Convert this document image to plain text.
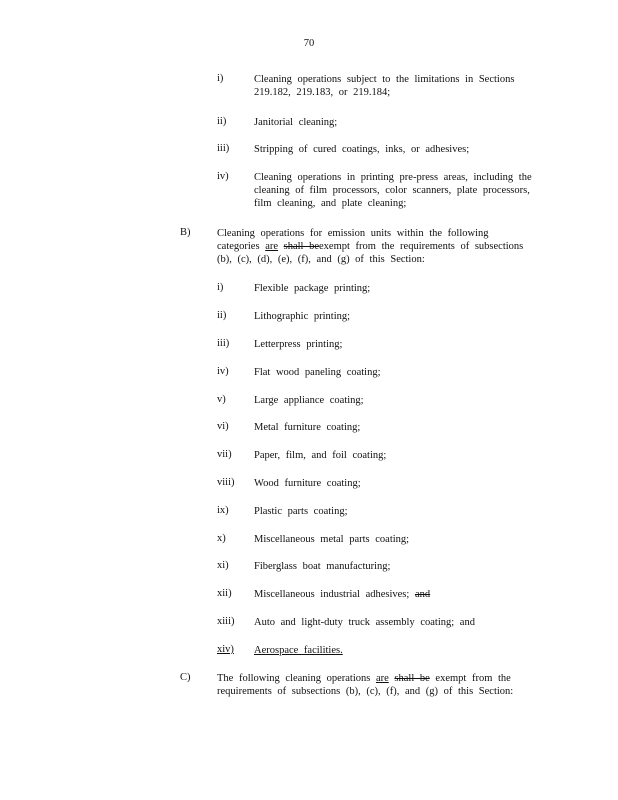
70
i)	Cleaning operations subject to the limitations in Sections 219.182, 219.183, or 219.184;
ii)	Janitorial cleaning;
iii) Stripping of cured coatings, inks, or adhesives;
iv) Cleaning operations in printing pre-press areas, including the cleaning of film processors, color scanners, plate processors, film cleaning, and plate cleaning;
B)	Cleaning operations for emission units within the following categories are shall beexempt from the requirements of subsections (b), (c), (d), (e), (f), and (g) of this Section:
i)	Flexible package printing;
ii)	Lithographic printing;
iii) Letterpress printing;
iv) Flat wood paneling coating;
v)	Large appliance coating;
vi) Metal furniture coating;
vii) Paper, film, and foil coating;
viii) Wood furniture coating;
ix) Plastic parts coating;
x)	Miscellaneous metal parts coating;
xi) Fiberglass boat manufacturing;
xii) Miscellaneous industrial adhesives; and
xiii) Auto and light-duty truck assembly coating; and
xiv) Aerospace facilities.
C)	The following cleaning operations are shall be exempt from the requirements of subsections (b), (c), (f), and (g) of this Section:
